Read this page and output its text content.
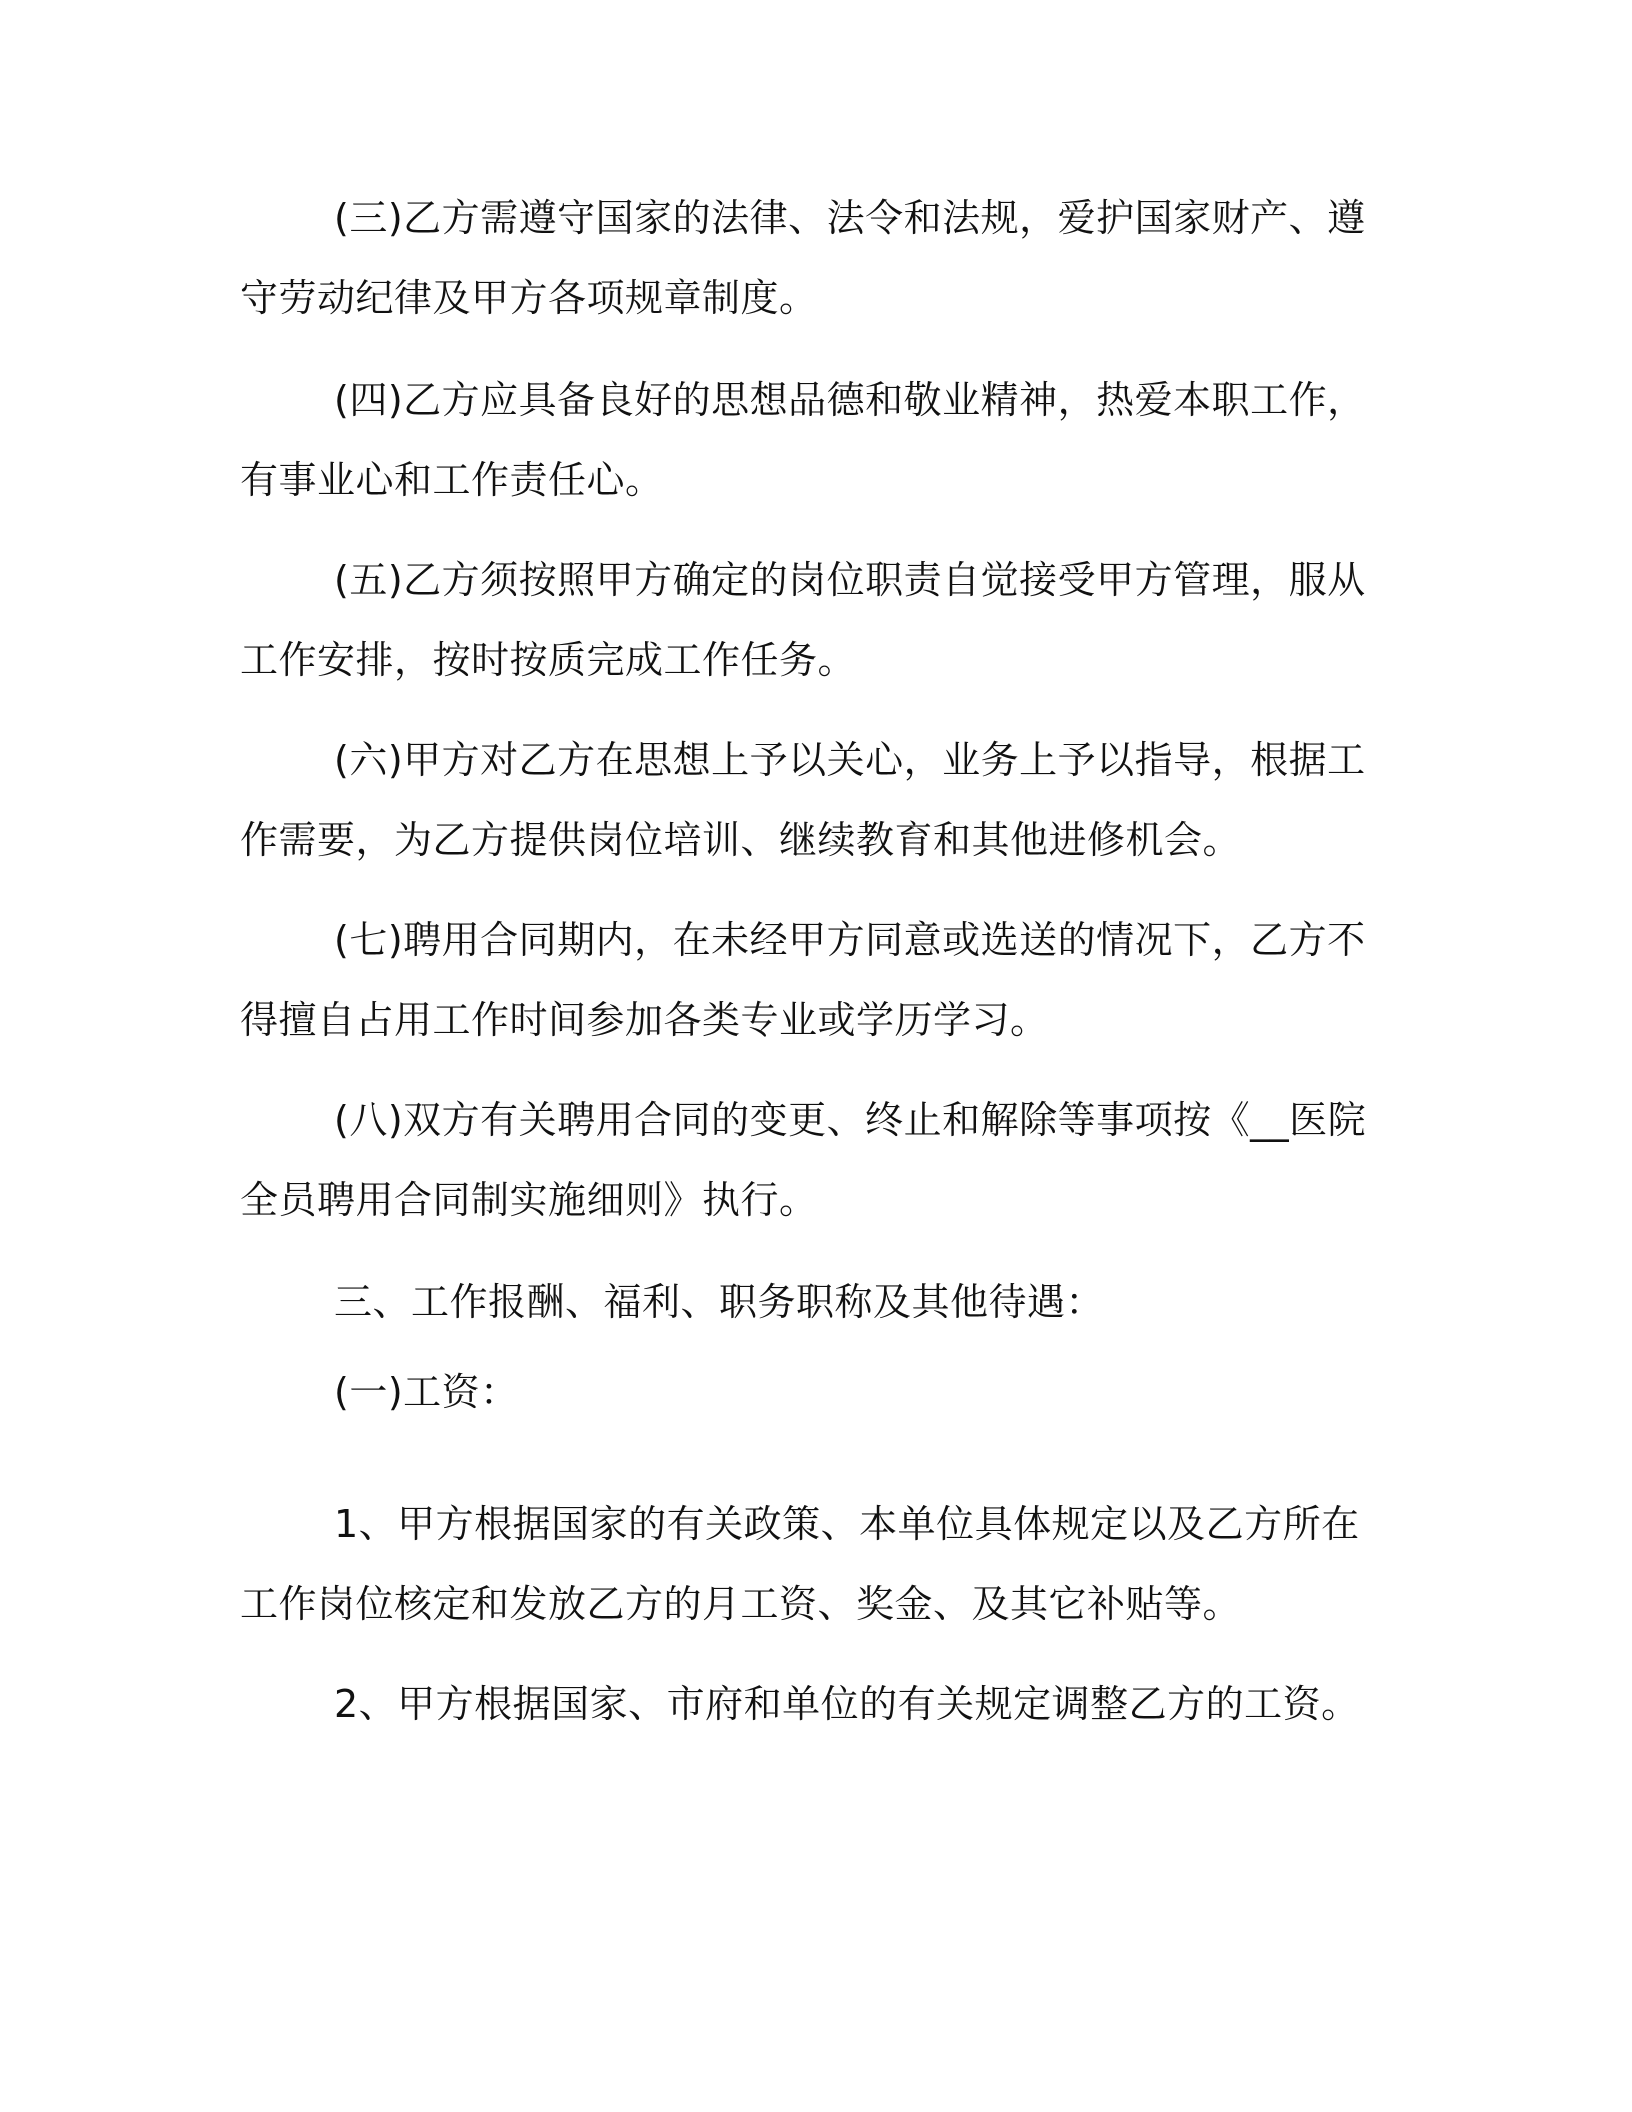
(三)乙方需遵守国家的法律、法令和法规，爱护国家财产、遵守劳动纪律及甲方各项规章制度。

(四)乙方应具备良好的思想品德和敬业精神，热爱本职工作，有事业心和工作责任心。

(五)乙方须按照甲方确定的岗位职责自觉接受甲方管理，服从工作安排，按时按质完成工作任务。

(六)甲方对乙方在思想上予以关心，业务上予以指导，根据工作需要，为乙方提供岗位培训、继续教育和其他进修机会。

(七)聘用合同期内，在未经甲方同意或选送的情况下，乙方不得擅自占用工作时间参加各类专业或学历学习。

(八)双方有关聘用合同的变更、终止和解除等事项按《__医院全员聘用合同制实施细则》执行。

三、工作报酬、福利、职务职称及其他待遇：

(一)工资：

1、甲方根据国家的有关政策、本单位具体规定以及乙方所在工作岗位核定和发放乙方的月工资、奖金、及其它补贴等。

2、甲方根据国家、市府和单位的有关规定调整乙方的工资。
